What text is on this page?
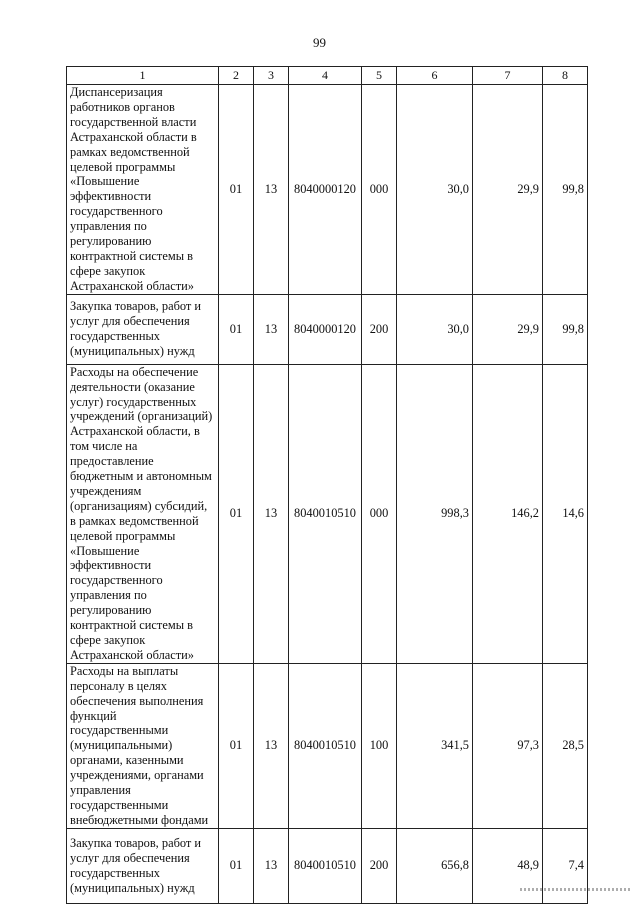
99
1	2	3	4	5	6	7	8
Диспансеризация работников органов государственной власти Астраханской области в рамках ведомственной целевой программы «Повышение эффективности государственного управления по регулированию контрактной системы в сфере закупок Астраханской области»	01	13	8040000120	000	30,0	29,9	99,8
Закупка товаров, работ и услуг для обеспечения государственных (муниципальных) нужд	01	13	8040000120	200	30,0	29,9	99,8
Расходы на обеспечение деятельности (оказание услуг) государственных учреждений (организаций) Астраханской области, в том числе на предоставление бюджетным и автономным учреждениям (организациям) субсидий, в рамках ведомственной целевой программы «Повышение эффективности государственного управления по регулированию контрактной системы в сфере закупок Астраханской области»	01	13	8040010510	000	998,3	146,2	14,6
Расходы на выплаты персоналу в целях обеспечения выполнения функций государственными (муниципальными) органами, казенными учреждениями, органами управления государственными внебюджетными фондами	01	13	8040010510	100	341,5	97,3	28,5
Закупка товаров, работ и услуг для обеспечения государственных (муниципальных) нужд	01	13	8040010510	200	656,8	48,9	7,4
